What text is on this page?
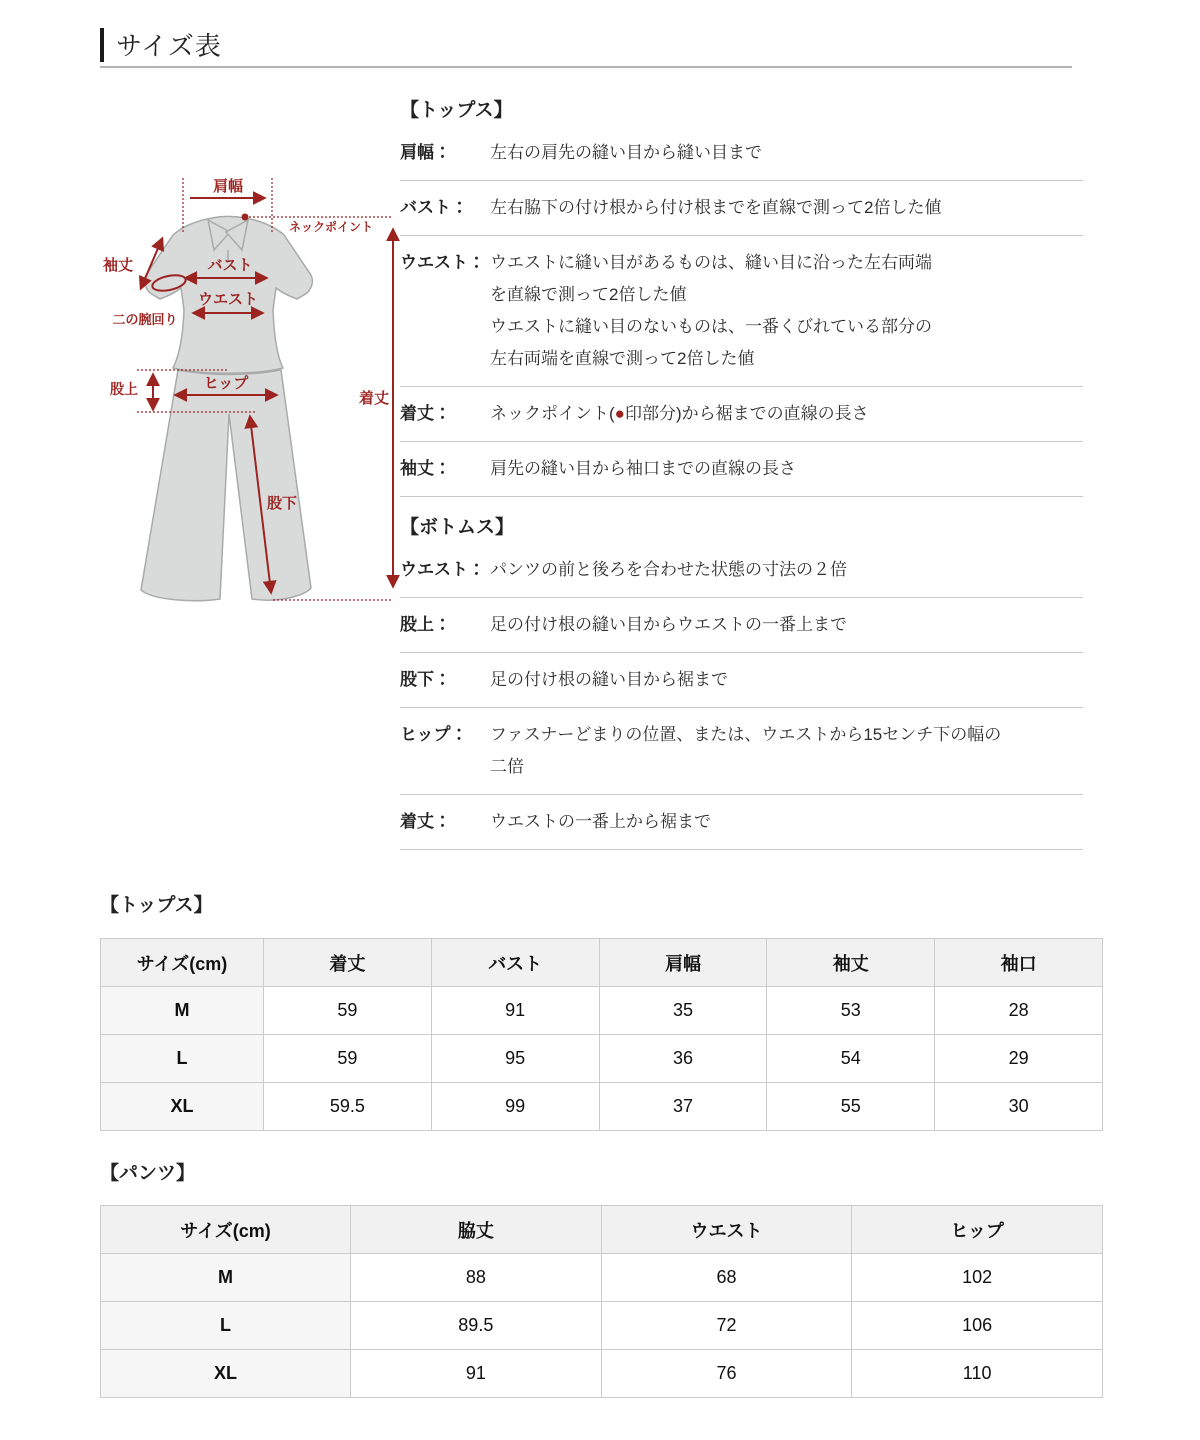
サイズ表
肩幅
ネックポイント
袖丈	バスト
ウエスト
二の腕回り
股上	ヒップ
着丈
股下
【トップス】
肩幅：	左右の肩先の縫い目から縫い目まで
バスト：	左右脇下の付け根から付け根までを直線で測って2倍した値
ウエスト： ウエストに縫い目があるものは、縫い目に沿った左右両端
を直線で測って2倍した値
ウエストに縫い目のないものは、一番くびれている部分の
左右両端を直線で測って2倍した値
着丈：	ネックポイント(●印部分)から裾までの直線の長さ
袖丈：	肩先の縫い目から袖口までの直線の長さ
【ボトムス】
ウエスト： パンツの前と後ろを合わせた状態の寸法の２倍
股上：	足の付け根の縫い目からウエストの一番上まで
股下：	足の付け根の縫い目から裾まで
ヒップ：	ファスナーどまりの位置、または、ウエストから15センチ下の幅の
二倍
着丈：	ウエストの一番上から裾まで
【トップス】
サイズ(cm)	着丈	バスト	肩幅	袖丈	袖口
M	59	91	35	53	28
L	59	95	36	54	29
XL	59.5	99	37	55	30
【パンツ】
サイズ(cm)	脇丈	ウエスト	ヒップ
M	88	68	102
L	89.5	72	106
XL	91	76	110
